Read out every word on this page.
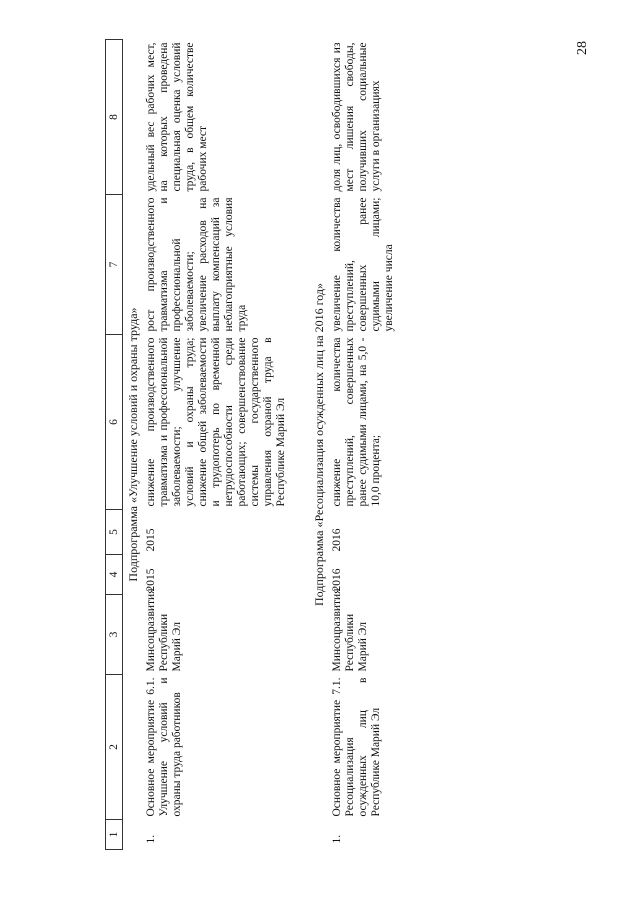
28
1	2	3	4	5	6	7	8
Подпрограмма «Улучшение условий и охраны труда»							
1.	Основное мероприятие 6.1. Улучшение условий и охраны труда работников	Минсоцразвития Республики Марий Эл	2015	2015	снижение производственного травматизма и профессиональной заболеваемости; улучшение условий и охраны труда; снижение общей заболеваемости и трудопотерь по временной нетрудоспособности среди работающих; совершенствование системы государственного управления охраной труда в Республике Марий Эл	рост производственного травматизма и профессиональной заболеваемости; увеличение расходов на выплату компенсаций за неблагоприятные условия труда	удельный вес рабочих мест, на которых проведена специальная оценка условий труда, в общем количестве рабочих мест
Подпрограмма «Ресоциализация осужденных лиц на 2016 год»							
1.	Основное мероприятие 7.1. Ресоциализация осужденных лиц в Республике Марий Эл	Минсоцразвития Республики Марий Эл	2016	2016	снижение количества преступлений, совершенных ранее судимыми лицами, на 5,0 - 10,0 процента;	увеличение количества преступлений, совершенных ранее судимыми лицами; увеличение числа	доля лиц, освободившихся из мест лишения свободы, получивших социальные услуги в организациях
